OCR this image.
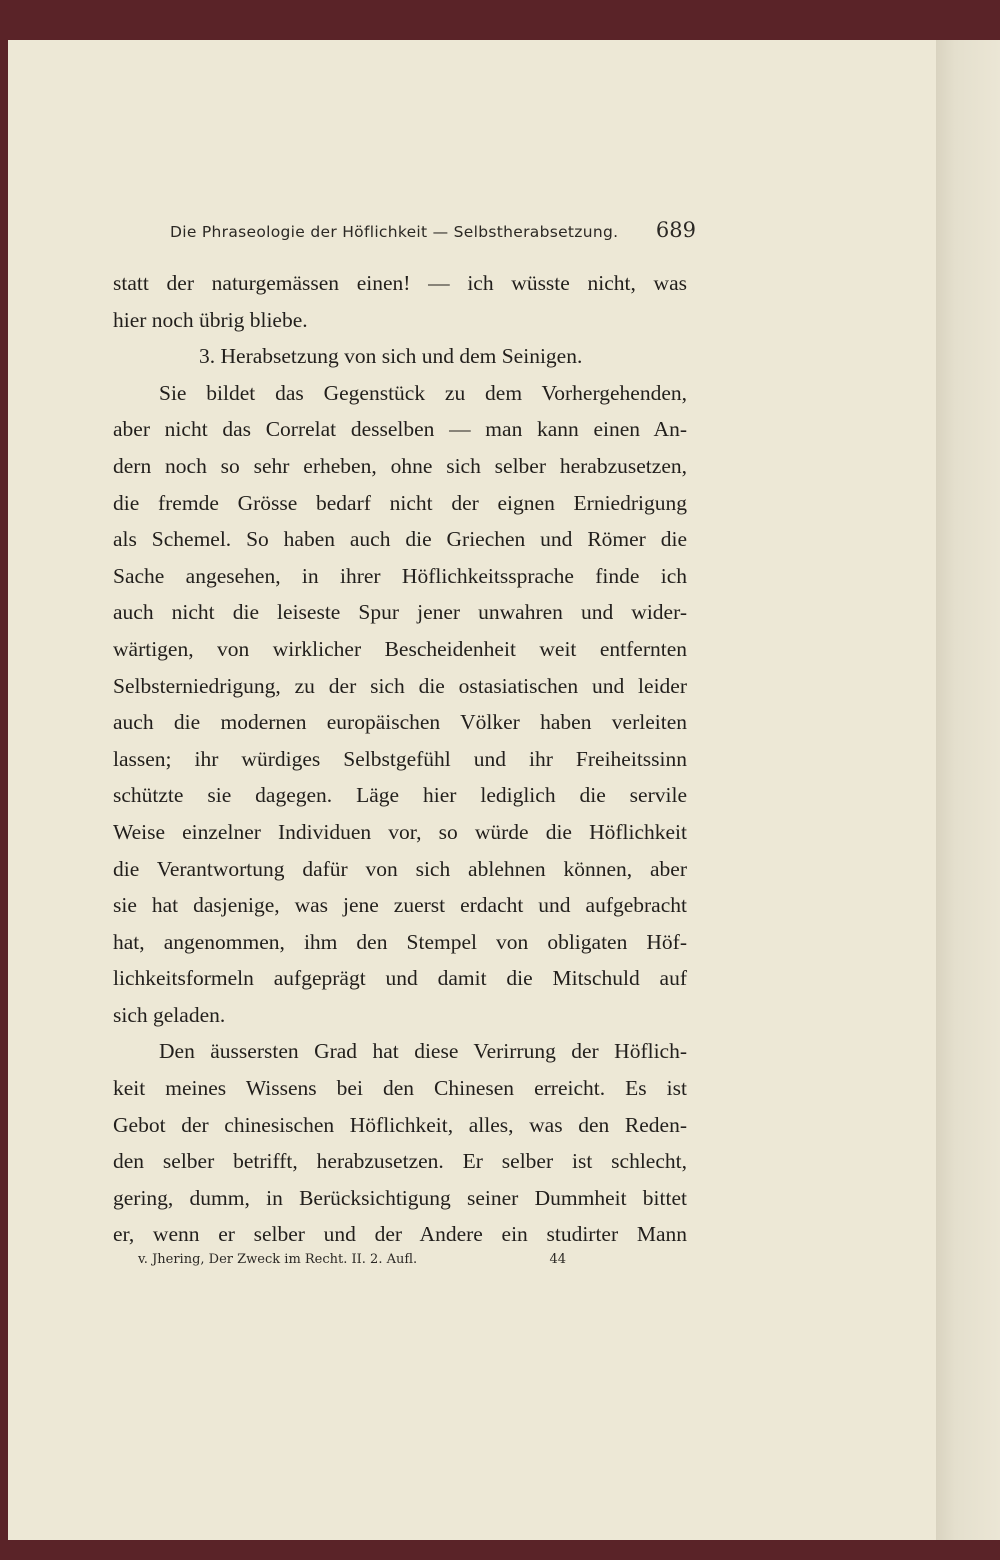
Die Phraseologie der Höflichkeit — Selbstherabsetzung. 689
statt der naturgemässen einen! — ich wüsste nicht, was
hier noch übrig bliebe.
3. Herabsetzung von sich und dem Seinigen.
Sie bildet das Gegenstück zu dem Vorhergehenden,
aber nicht das Correlat desselben — man kann einen An-
dern noch so sehr erheben, ohne sich selber herabzusetzen,
die fremde Grösse bedarf nicht der eignen Erniedrigung
als Schemel. So haben auch die Griechen und Römer die
Sache angesehen, in ihrer Höflichkeitssprache finde ich
auch nicht die leiseste Spur jener unwahren und wider-
wärtigen, von wirklicher Bescheidenheit weit entfernten
Selbsterniedrigung, zu der sich die ostasiatischen und leider
auch die modernen europäischen Völker haben verleiten
lassen; ihr würdiges Selbstgefühl und ihr Freiheitssinn
schützte sie dagegen. Läge hier lediglich die servile
Weise einzelner Individuen vor, so würde die Höflichkeit
die Verantwortung dafür von sich ablehnen können, aber
sie hat dasjenige, was jene zuerst erdacht und aufgebracht
hat, angenommen, ihm den Stempel von obligaten Höf-
lichkeitsformeln aufgeprägt und damit die Mitschuld auf
sich geladen.
Den äussersten Grad hat diese Verirrung der Höflich-
keit meines Wissens bei den Chinesen erreicht. Es ist
Gebot der chinesischen Höflichkeit, alles, was den Reden-
den selber betrifft, herabzusetzen. Er selber ist schlecht,
gering, dumm, in Berücksichtigung seiner Dummheit bittet
er, wenn er selber und der Andere ein studirter Mann
v. Jhering, Der Zweck im Recht. II. 2. Aufl.	44
